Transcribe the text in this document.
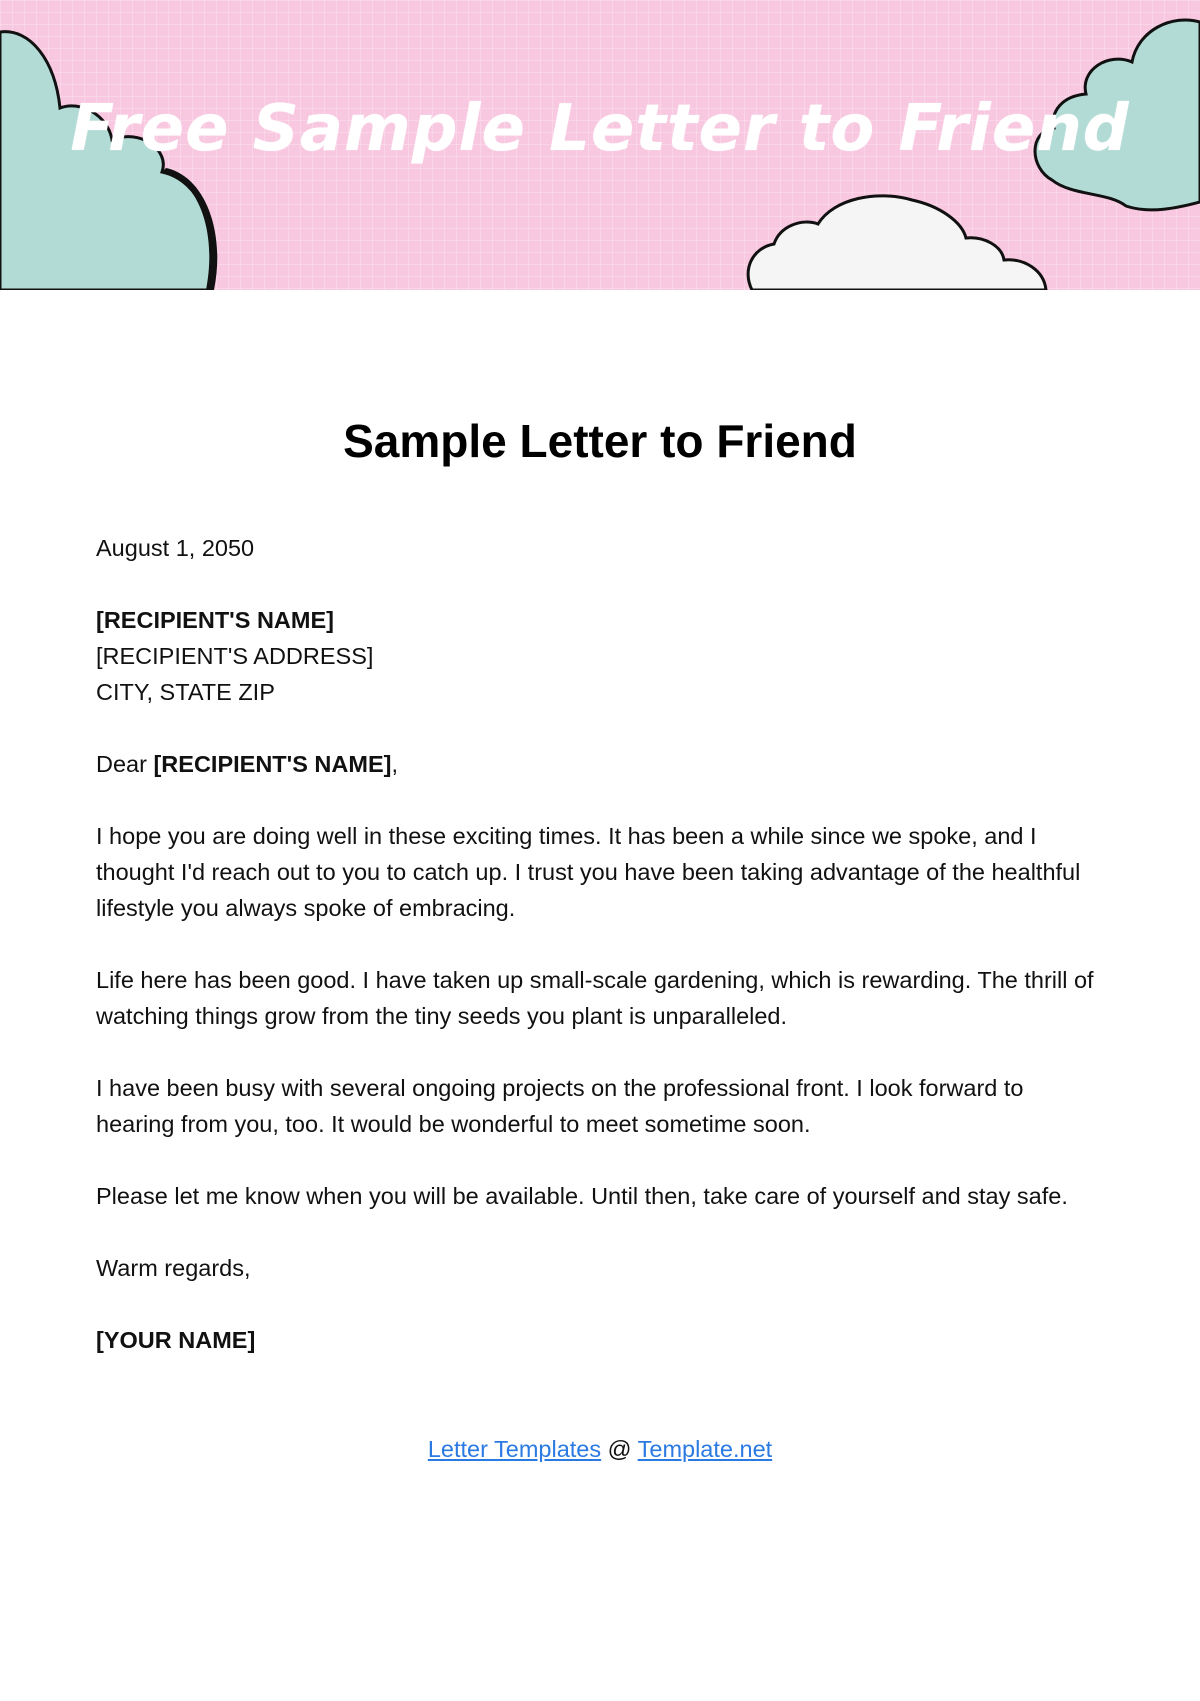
Free Sample Letter to Friend
Sample Letter to Friend

August 1, 2050

[RECIPIENT'S NAME]
[RECIPIENT'S ADDRESS]
CITY, STATE ZIP

Dear [RECIPIENT'S NAME],

I hope you are doing well in these exciting times. It has been a while since we spoke, and I thought I'd reach out to you to catch up. I trust you have been taking advantage of the healthful lifestyle you always spoke of embracing.

Life here has been good. I have taken up small-scale gardening, which is rewarding. The thrill of watching things grow from the tiny seeds you plant is unparalleled.

I have been busy with several ongoing projects on the professional front. I look forward to hearing from you, too. It would be wonderful to meet sometime soon.

Please let me know when you will be available. Until then, take care of yourself and stay safe.

Warm regards,

[YOUR NAME]

Letter Templates @ Template.net
